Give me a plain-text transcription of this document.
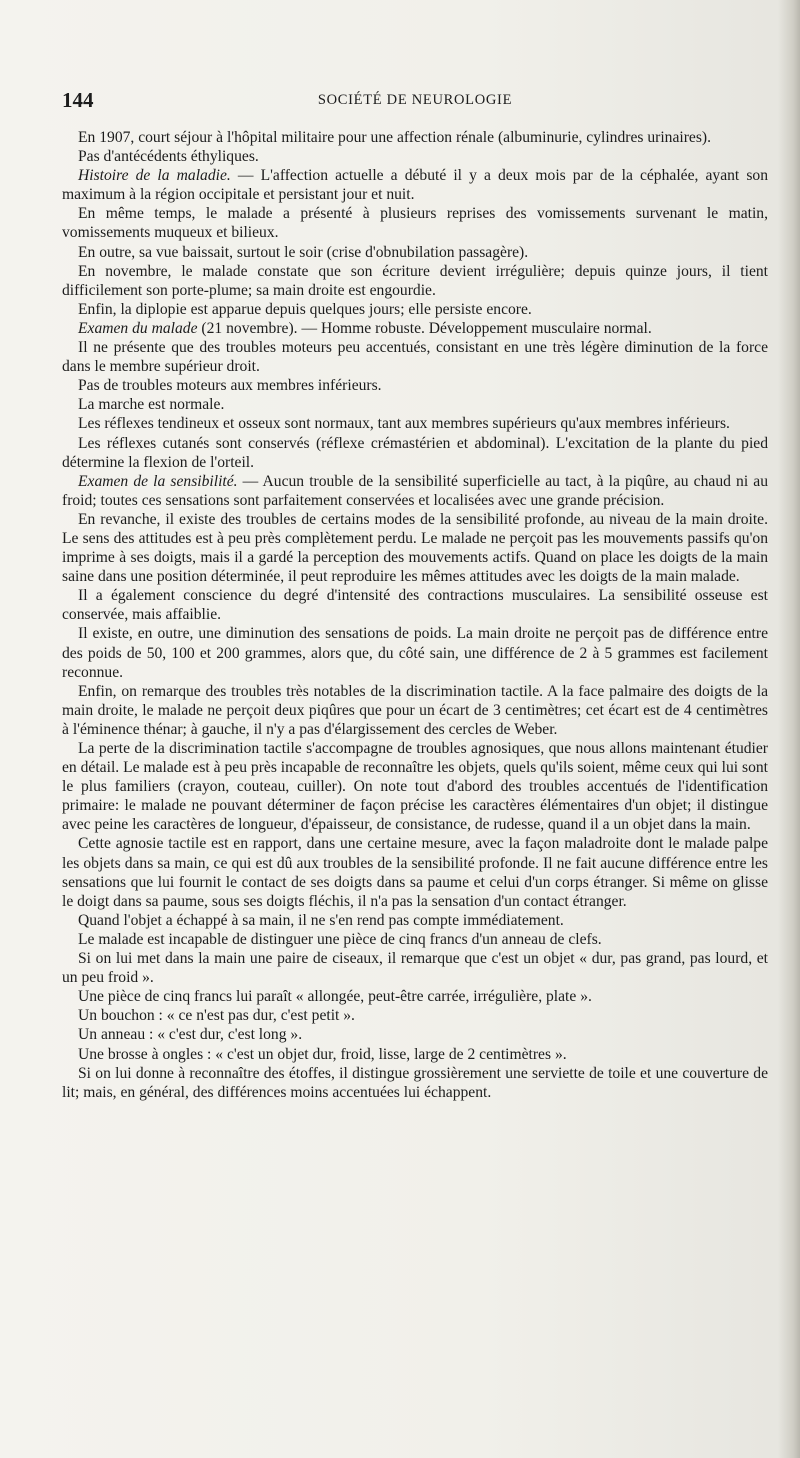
144	SOCIÉTÉ DE NEUROLOGIE

En 1907, court séjour à l'hôpital militaire pour une affection rénale (albuminurie, cylindres urinaires).

Pas d'antécédents éthyliques.

Histoire de la maladie. — L'affection actuelle a débuté il y a deux mois par de la céphalée, ayant son maximum à la région occipitale et persistant jour et nuit.

En même temps, le malade a présenté à plusieurs reprises des vomissements survenant le matin, vomissements muqueux et bilieux.

En outre, sa vue baissait, surtout le soir (crise d'obnubilation passagère).

En novembre, le malade constate que son écriture devient irrégulière; depuis quinze jours, il tient difficilement son porte-plume; sa main droite est engourdie.

Enfin, la diplopie est apparue depuis quelques jours; elle persiste encore.

Examen du malade (21 novembre). — Homme robuste. Développement musculaire normal.

Il ne présente que des troubles moteurs peu accentués, consistant en une très légère diminution de la force dans le membre supérieur droit.

Pas de troubles moteurs aux membres inférieurs.

La marche est normale.

Les réflexes tendineux et osseux sont normaux, tant aux membres supérieurs qu'aux membres inférieurs.

Les réflexes cutanés sont conservés (réflexe crémastérien et abdominal). L'excitation de la plante du pied détermine la flexion de l'orteil.

Examen de la sensibilité. — Aucun trouble de la sensibilité superficielle au tact, à la piqûre, au chaud ni au froid; toutes ces sensations sont parfaitement conservées et localisées avec une grande précision.

En revanche, il existe des troubles de certains modes de la sensibilité profonde, au niveau de la main droite. Le sens des attitudes est à peu près complètement perdu. Le malade ne perçoit pas les mouvements passifs qu'on imprime à ses doigts, mais il a gardé la perception des mouvements actifs. Quand on place les doigts de la main saine dans une position déterminée, il peut reproduire les mêmes attitudes avec les doigts de la main malade.

Il a également conscience du degré d'intensité des contractions musculaires. La sensibilité osseuse est conservée, mais affaiblie.

Il existe, en outre, une diminution des sensations de poids. La main droite ne perçoit pas de différence entre des poids de 50, 100 et 200 grammes, alors que, du côté sain, une différence de 2 à 5 grammes est facilement reconnue.

Enfin, on remarque des troubles très notables de la discrimination tactile. A la face palmaire des doigts de la main droite, le malade ne perçoit deux piqûres que pour un écart de 3 centimètres; cet écart est de 4 centimètres à l'éminence thénar; à gauche, il n'y a pas d'élargissement des cercles de Weber.

La perte de la discrimination tactile s'accompagne de troubles agnosiques, que nous allons maintenant étudier en détail. Le malade est à peu près incapable de reconnaître les objets, quels qu'ils soient, même ceux qui lui sont le plus familiers (crayon, couteau, cuiller). On note tout d'abord des troubles accentués de l'identification primaire: le malade ne pouvant déterminer de façon précise les caractères élémentaires d'un objet; il distingue avec peine les caractères de longueur, d'épaisseur, de consistance, de rudesse, quand il a un objet dans la main.

Cette agnosie tactile est en rapport, dans une certaine mesure, avec la façon maladroite dont le malade palpe les objets dans sa main, ce qui est dû aux troubles de la sensibilité profonde. Il ne fait aucune différence entre les sensations que lui fournit le contact de ses doigts dans sa paume et celui d'un corps étranger. Si même on glisse le doigt dans sa paume, sous ses doigts fléchis, il n'a pas la sensation d'un contact étranger.

Quand l'objet a échappé à sa main, il ne s'en rend pas compte immédiatement.

Le malade est incapable de distinguer une pièce de cinq francs d'un anneau de clefs.

Si on lui met dans la main une paire de ciseaux, il remarque que c'est un objet « dur, pas grand, pas lourd, et un peu froid ».

Une pièce de cinq francs lui paraît « allongée, peut-être carrée, irrégulière, plate ».

Un bouchon : « ce n'est pas dur, c'est petit ».

Un anneau : « c'est dur, c'est long ».

Une brosse à ongles : « c'est un objet dur, froid, lisse, large de 2 centimètres ».

Si on lui donne à reconnaître des étoffes, il distingue grossièrement une serviette de toile et une couverture de lit; mais, en général, des différences moins accentuées lui échappent.
